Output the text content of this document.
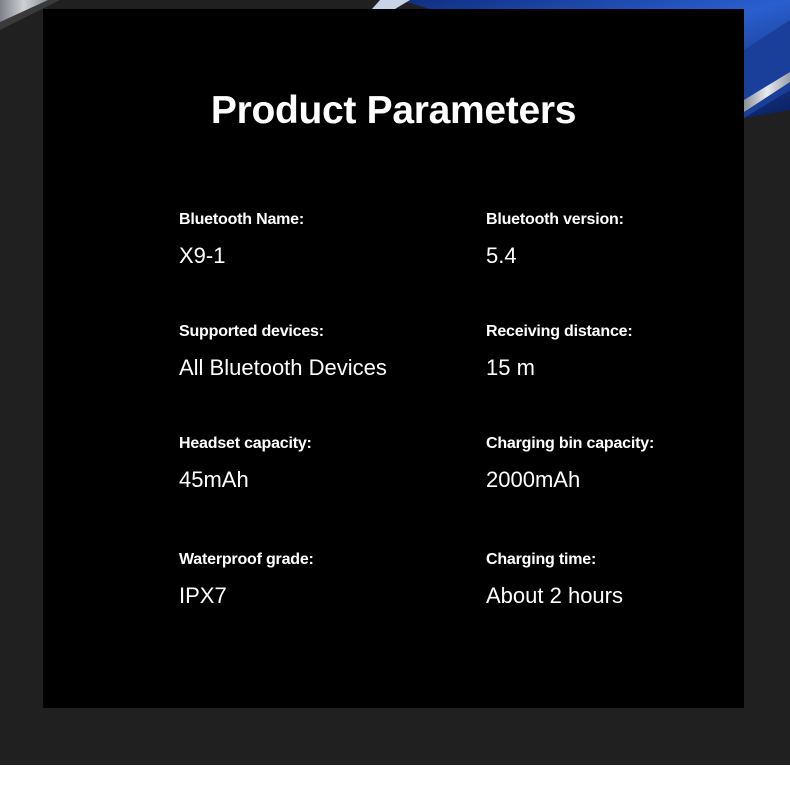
Product Parameters
Bluetooth Name:
X9-1
Bluetooth version:
5.4
Supported devices:
All Bluetooth Devices
Receiving distance:
15 m
Headset capacity:
45mAh
Charging bin capacity:
2000mAh
Waterproof grade:
IPX7
Charging time:
About 2 hours
